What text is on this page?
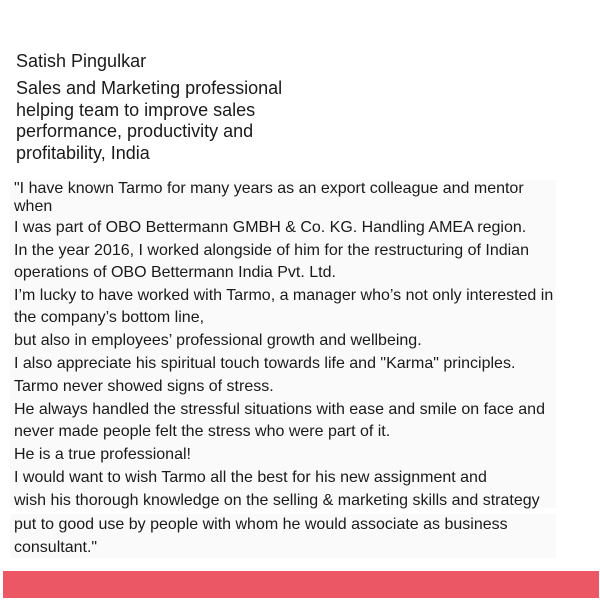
Satish Pingulkar

Sales and Marketing professional helping team to improve sales performance, productivity and profitability, India

"I have known Tarmo for many years as an export colleague and mentor when

I was part of OBO Bettermann GMBH & Co. KG. Handling AMEA region.

In the year 2016, I worked alongside of him for the restructuring of Indian operations of OBO Bettermann India Pvt. Ltd.

I’m lucky to have worked with Tarmo, a manager who’s not only interested in the company’s bottom line,

but also in employees’ professional growth and wellbeing.

I also appreciate his spiritual touch towards life and "Karma" principles.

Tarmo never showed signs of stress.

He always handled the stressful situations with ease and smile on face and never made people felt the stress who were part of it.

He is a true professional!

I would want to wish Tarmo all the best for his new assignment and

wish his thorough knowledge on the selling & marketing skills and strategy

put to good use by people with whom he would associate as business consultant."
